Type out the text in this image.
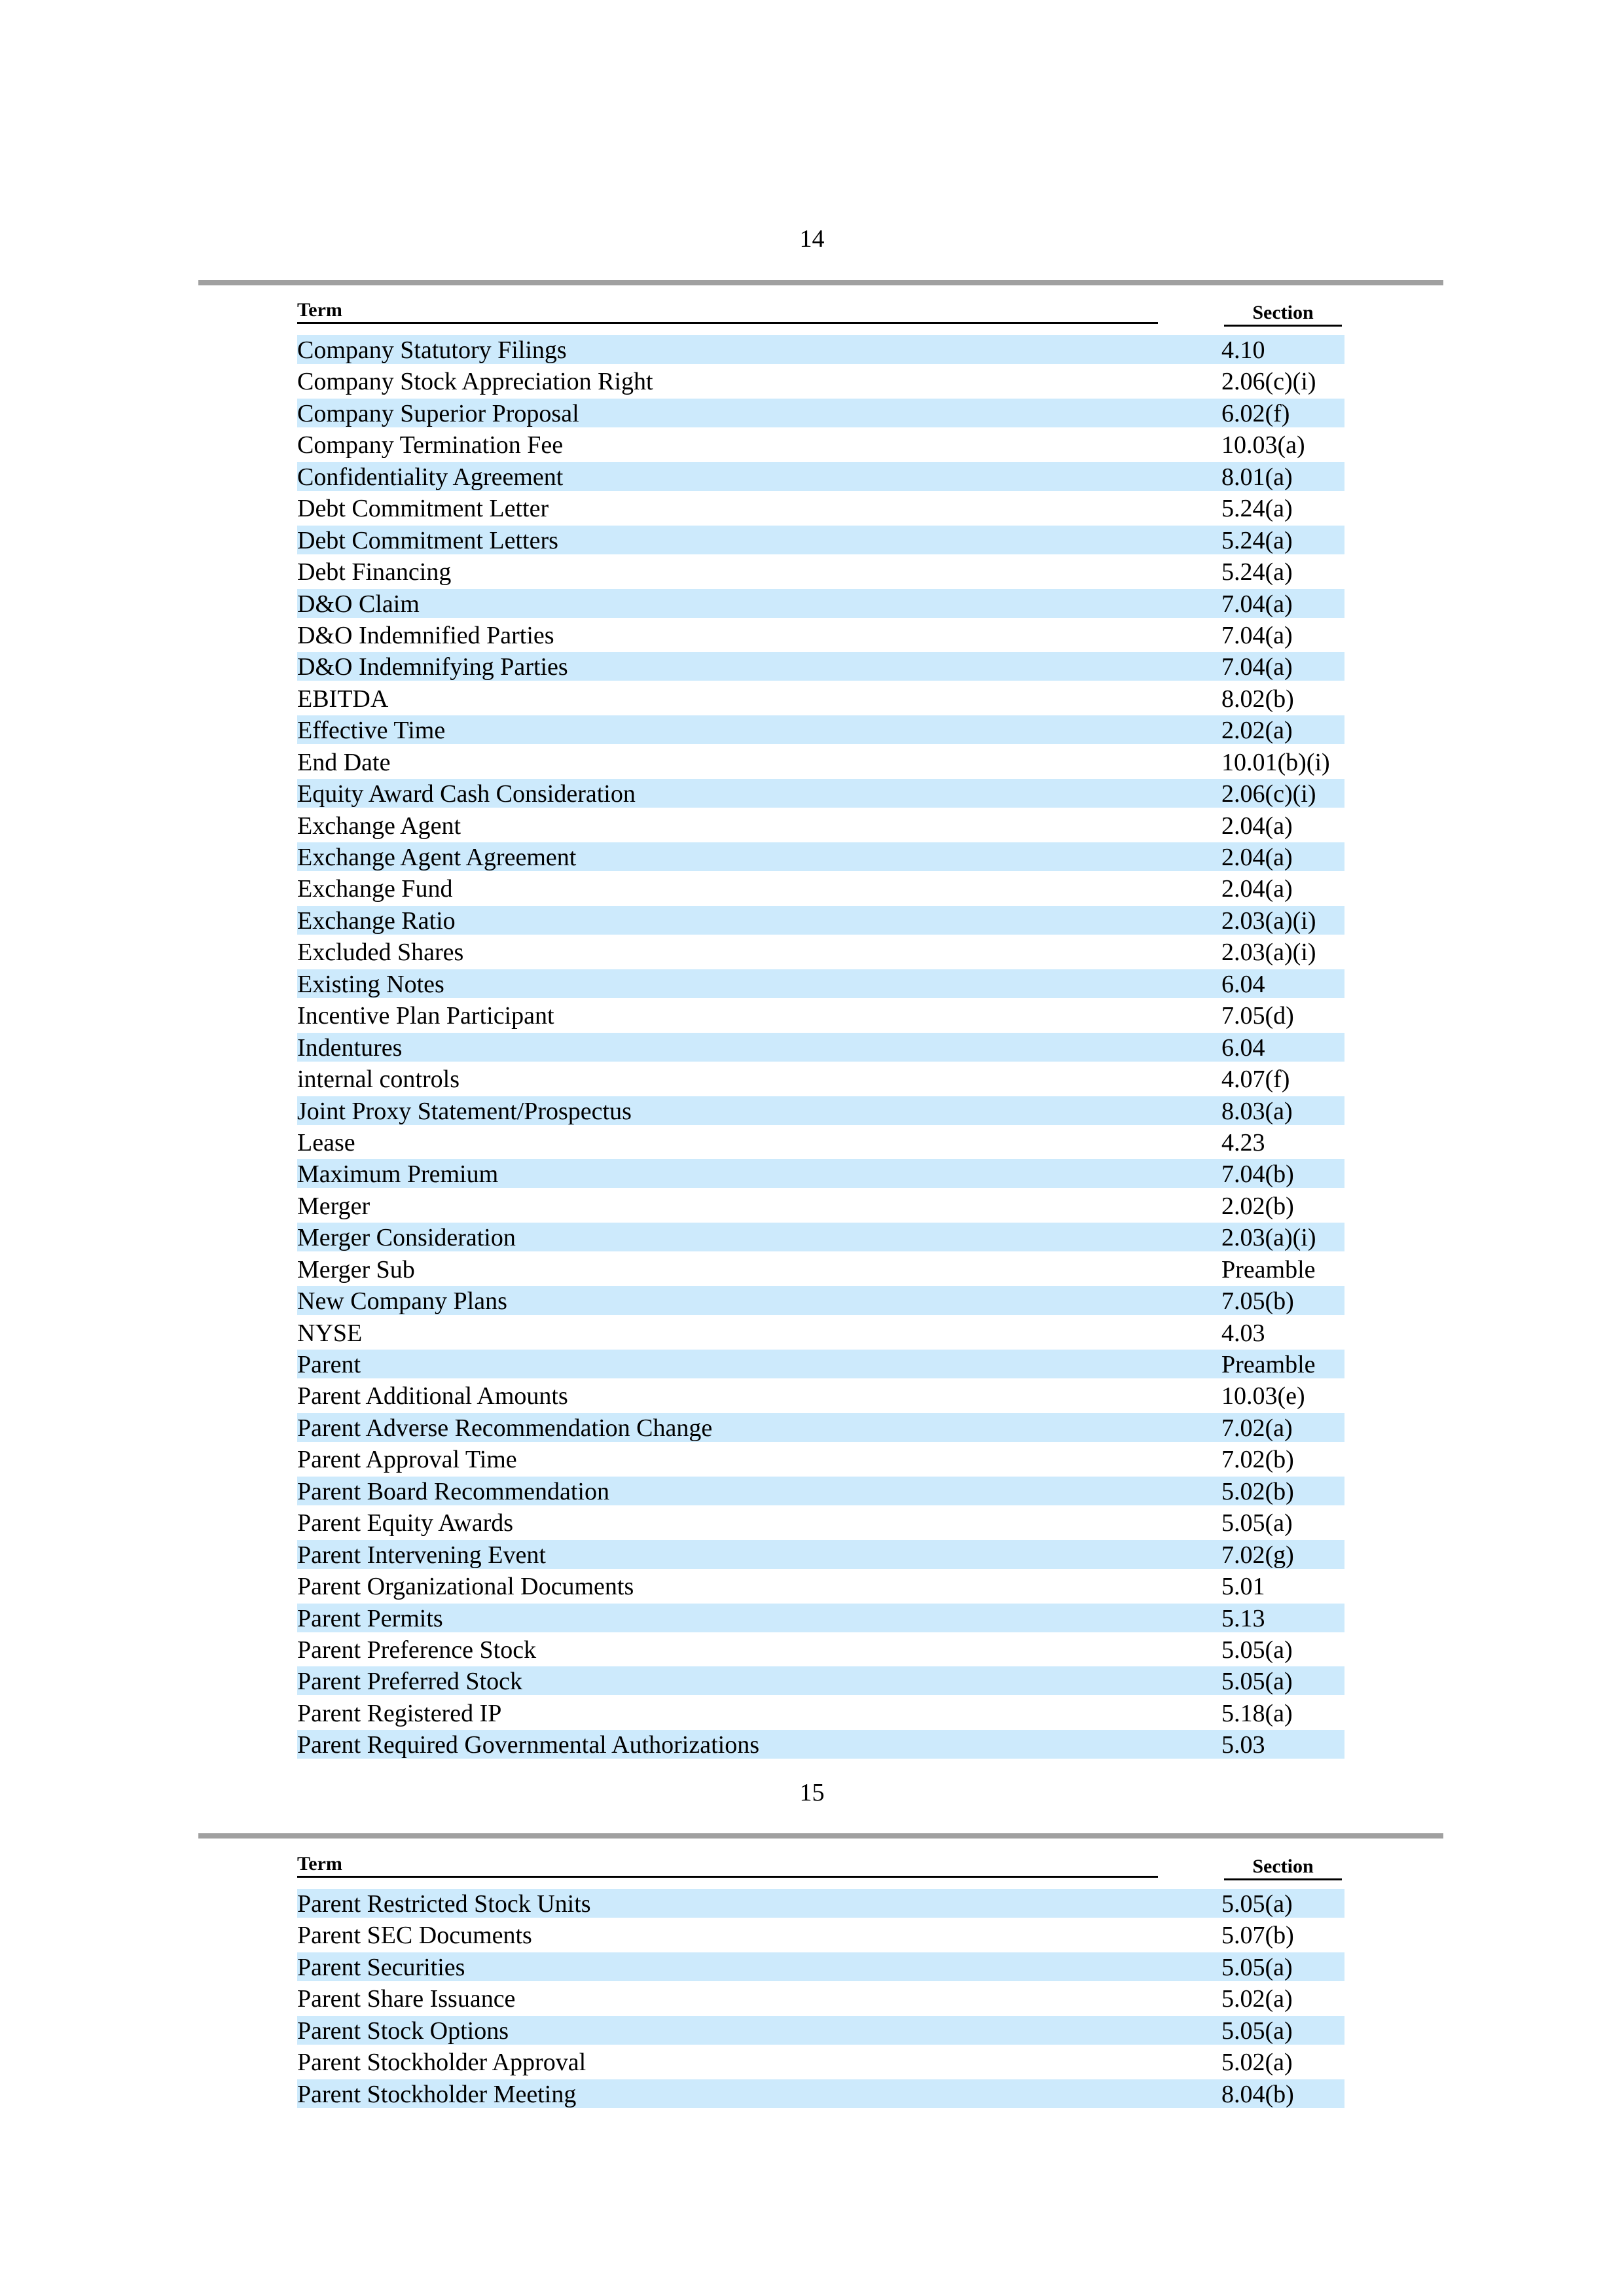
14
Term	Section
Company Statutory Filings	4.10
Company Stock Appreciation Right	2.06(c)(i)
Company Superior Proposal	6.02(f)
Company Termination Fee	10.03(a)
Confidentiality Agreement	8.01(a)
Debt Commitment Letter	5.24(a)
Debt Commitment Letters	5.24(a)
Debt Financing	5.24(a)
D&O Claim	7.04(a)
D&O Indemnified Parties	7.04(a)
D&O Indemnifying Parties	7.04(a)
EBITDA	8.02(b)
Effective Time	2.02(a)
End Date	10.01(b)(i)
Equity Award Cash Consideration	2.06(c)(i)
Exchange Agent	2.04(a)
Exchange Agent Agreement	2.04(a)
Exchange Fund	2.04(a)
Exchange Ratio	2.03(a)(i)
Excluded Shares	2.03(a)(i)
Existing Notes	6.04
Incentive Plan Participant	7.05(d)
Indentures	6.04
internal controls	4.07(f)
Joint Proxy Statement/Prospectus	8.03(a)
Lease	4.23
Maximum Premium	7.04(b)
Merger	2.02(b)
Merger Consideration	2.03(a)(i)
Merger Sub	Preamble
New Company Plans	7.05(b)
NYSE	4.03
Parent	Preamble
Parent Additional Amounts	10.03(e)
Parent Adverse Recommendation Change	7.02(a)
Parent Approval Time	7.02(b)
Parent Board Recommendation	5.02(b)
Parent Equity Awards	5.05(a)
Parent Intervening Event	7.02(g)
Parent Organizational Documents	5.01
Parent Permits	5.13
Parent Preference Stock	5.05(a)
Parent Preferred Stock	5.05(a)
Parent Registered IP	5.18(a)
Parent Required Governmental Authorizations	5.03
15
Term	Section
Parent Restricted Stock Units	5.05(a)
Parent SEC Documents	5.07(b)
Parent Securities	5.05(a)
Parent Share Issuance	5.02(a)
Parent Stock Options	5.05(a)
Parent Stockholder Approval	5.02(a)
Parent Stockholder Meeting	8.04(b)
